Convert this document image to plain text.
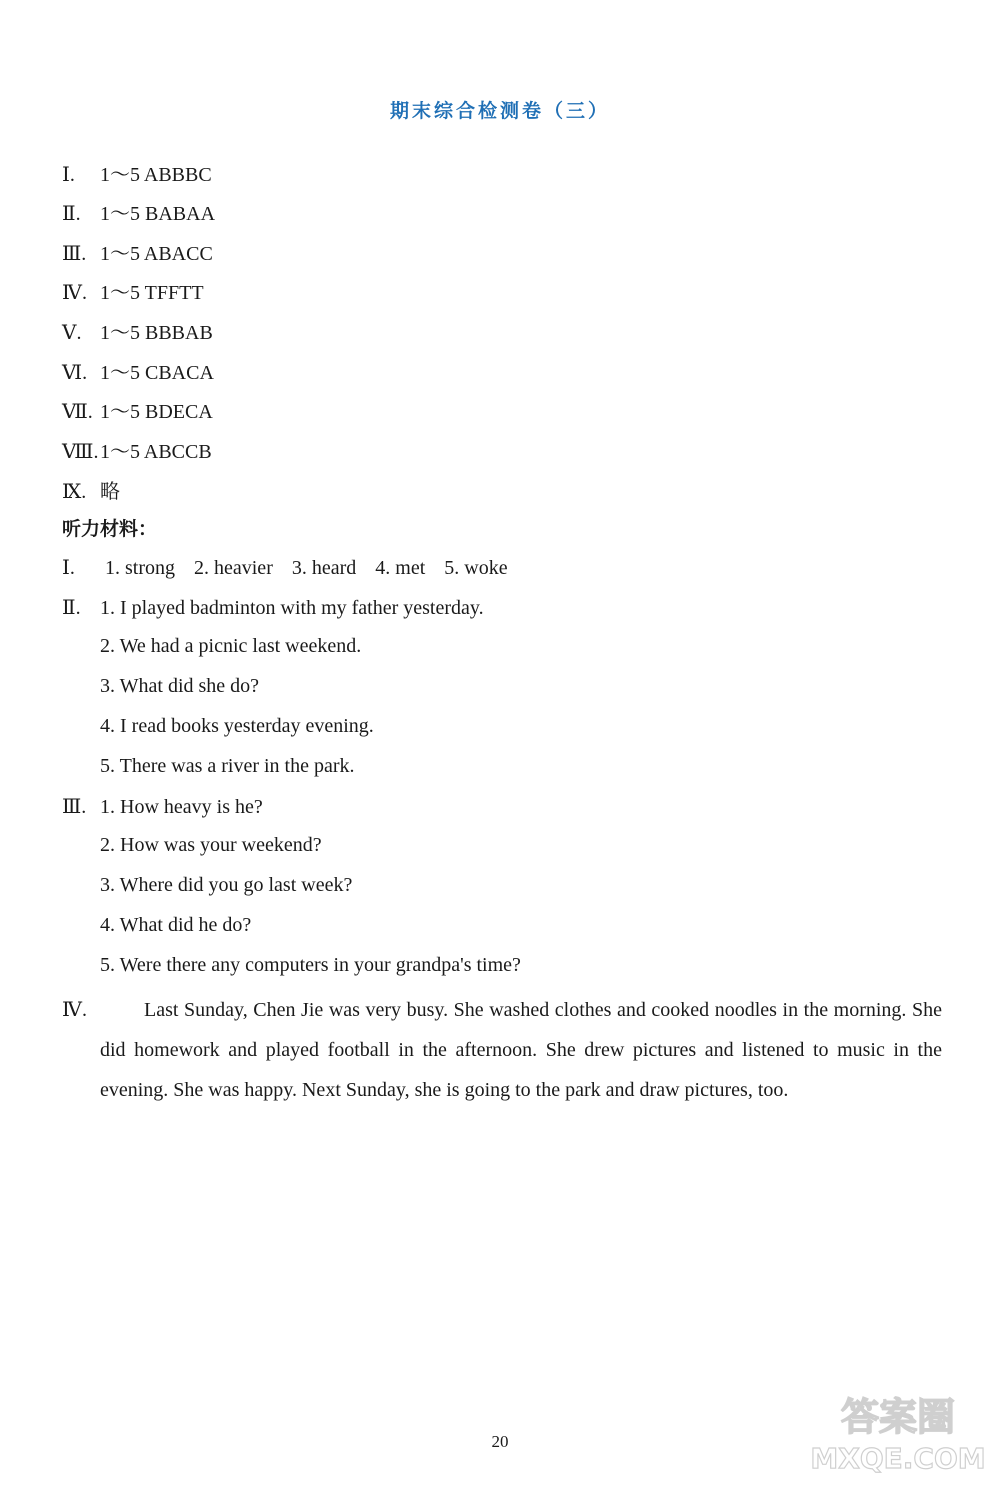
期末综合检测卷（三）
Ⅰ. 1～5 ABBBC
Ⅱ. 1～5 BABAA
Ⅲ. 1～5 ABACC
Ⅳ. 1～5 TFFTT
Ⅴ. 1～5 BBBAB
Ⅵ. 1～5 CBACA
Ⅶ. 1～5 BDECA
Ⅷ.1～5 ABCCB
Ⅸ. 略
听力材料：
Ⅰ. 1. strong 2. heavier 3. heard 4. met 5. woke
Ⅱ. 1. I played badminton with my father yesterday.
2. We had a picnic last weekend.
3. What did she do?
4. I read books yesterday evening.
5. There was a river in the park.
Ⅲ. 1. How heavy is he?
2. How was your weekend?
3. Where did you go last week?
4. What did he do?
5. Were there any computers in your grandpa's time?
Ⅳ.	Last Sunday, Chen Jie was very busy. She washed clothes and cooked noodles in the morning. She did homework and played football in the afternoon. She drew pictures and listened to music in the evening. She was happy. Next Sunday, she is going to the park and draw pictures, too.
20
答案圈
MXQE.COM
